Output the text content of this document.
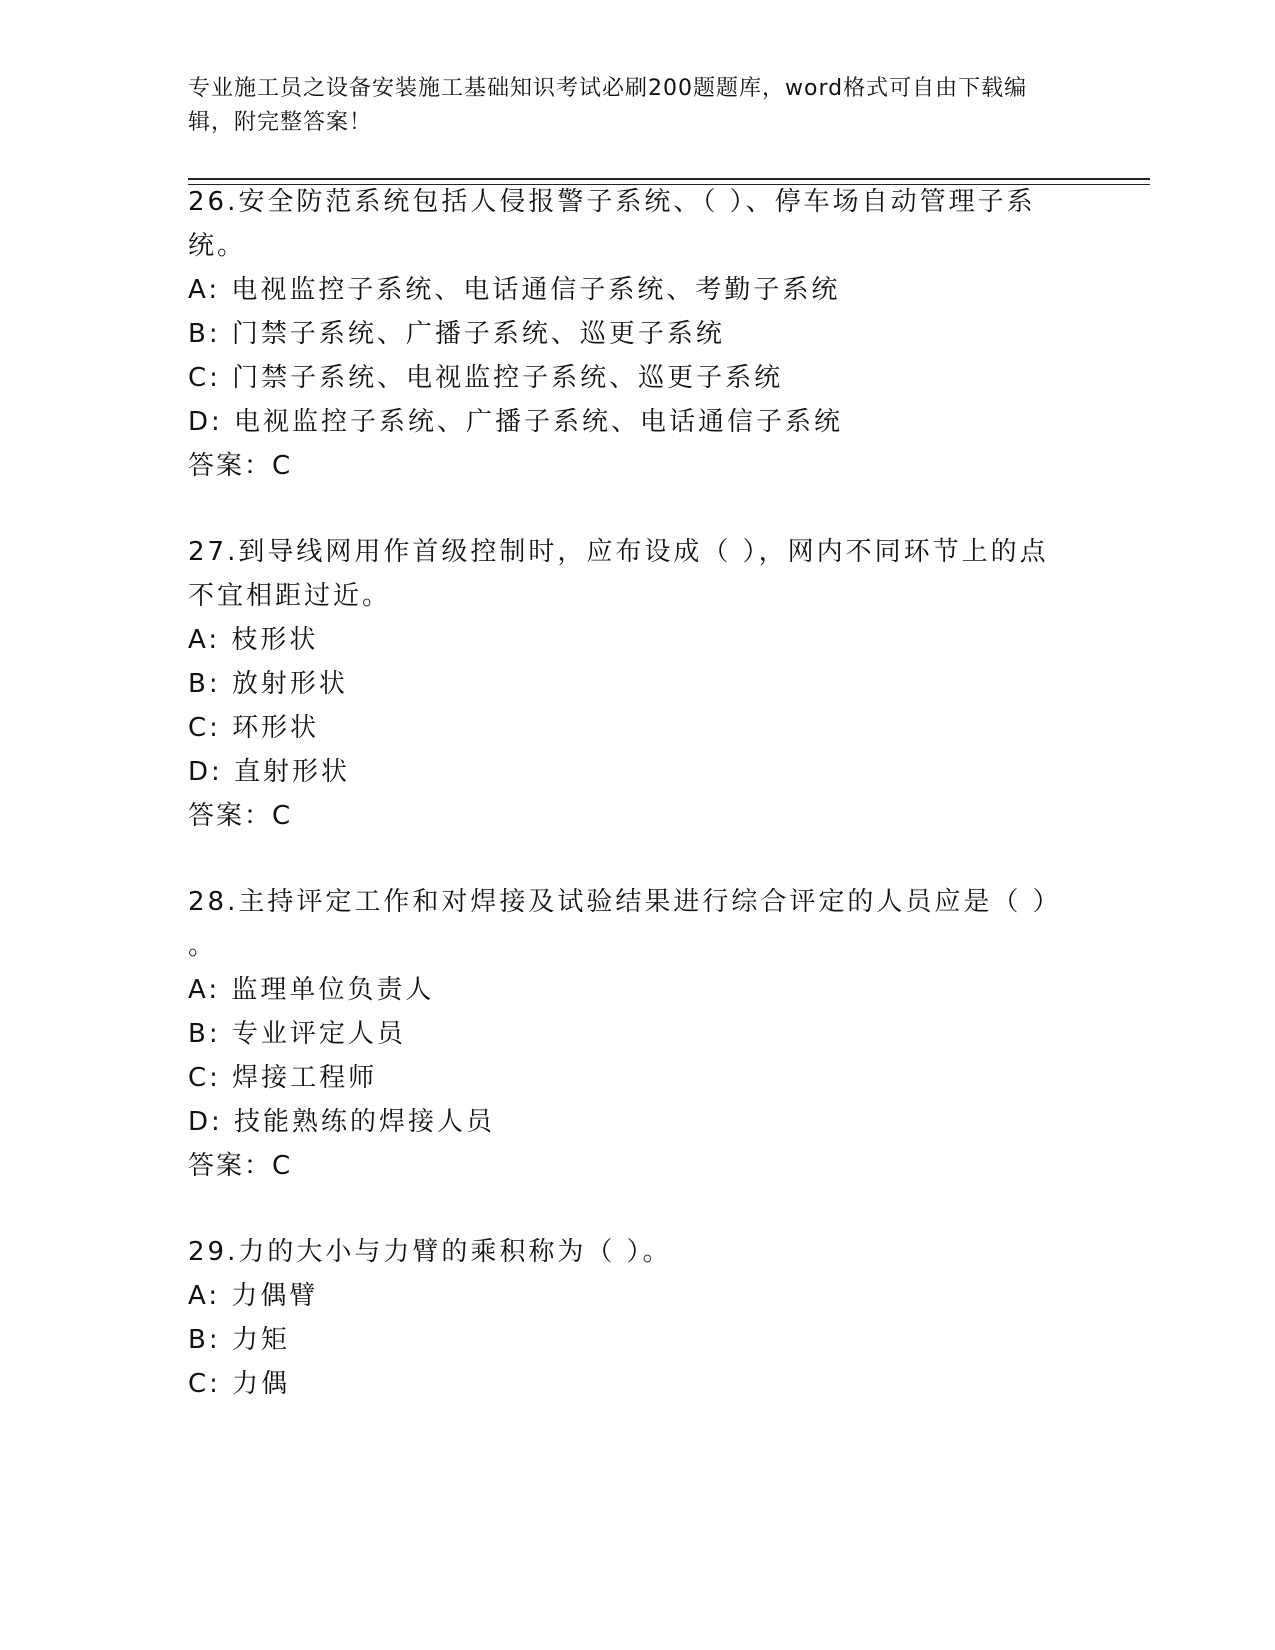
专业施工员之设备安装施工基础知识考试必刷200题题库，word格式可自由下载编辑，附完整答案！
26.安全防范系统包括人侵报警子系统、（ ）、停车场自动管理子系
统。
A: 电视监控子系统、电话通信子系统、考勤子系统
B: 门禁子系统、广播子系统、巡更子系统
C: 门禁子系统、电视监控子系统、巡更子系统
D: 电视监控子系统、广播子系统、电话通信子系统
答案：C
27.到导线网用作首级控制时，应布设成（ ），网内不同环节上的点
不宜相距过近。
A: 枝形状
B: 放射形状
C: 环形状
D: 直射形状
答案：C
28.主持评定工作和对焊接及试验结果进行综合评定的人员应是（ ）
。
A: 监理单位负责人
B: 专业评定人员
C: 焊接工程师
D: 技能熟练的焊接人员
答案：C
29.力的大小与力臂的乘积称为（ ）。
A: 力偶臂
B: 力矩
C: 力偶
